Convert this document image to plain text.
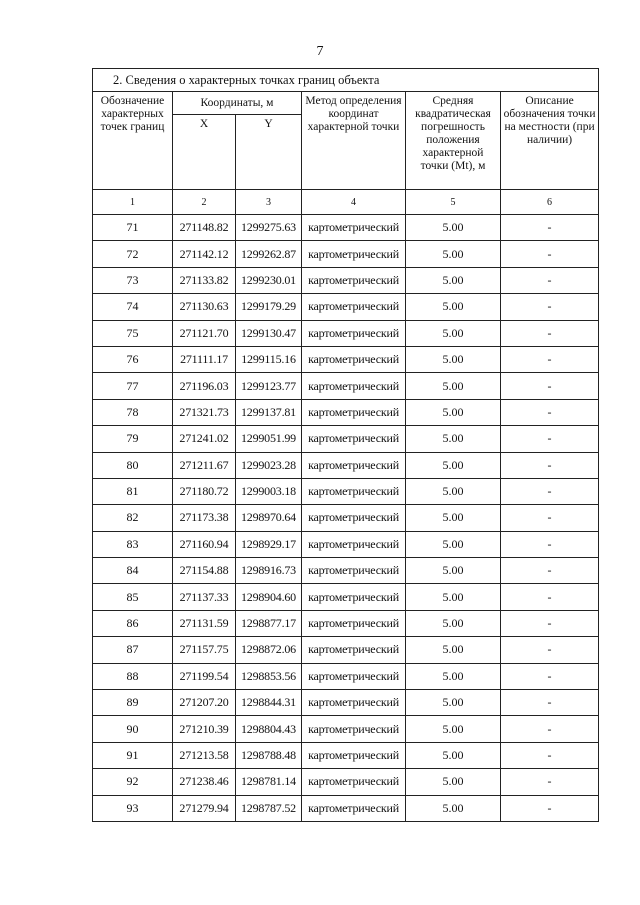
7
2. Сведения о характерных точках границ объекта					
Обозначение характерных точек границ	Координаты, м		Метод определения координат характерной точки	Средняя квадратическая погрешность положения характерной точки (Mt), м	Описание обозначения точки на местности (при наличии)
	X	Y			
1	2	3	4	5	6
71	271148.82	1299275.63	картометрический	5.00	-
72	271142.12	1299262.87	картометрический	5.00	-
73	271133.82	1299230.01	картометрический	5.00	-
74	271130.63	1299179.29	картометрический	5.00	-
75	271121.70	1299130.47	картометрический	5.00	-
76	271111.17	1299115.16	картометрический	5.00	-
77	271196.03	1299123.77	картометрический	5.00	-
78	271321.73	1299137.81	картометрический	5.00	-
79	271241.02	1299051.99	картометрический	5.00	-
80	271211.67	1299023.28	картометрический	5.00	-
81	271180.72	1299003.18	картометрический	5.00	-
82	271173.38	1298970.64	картометрический	5.00	-
83	271160.94	1298929.17	картометрический	5.00	-
84	271154.88	1298916.73	картометрический	5.00	-
85	271137.33	1298904.60	картометрический	5.00	-
86	271131.59	1298877.17	картометрический	5.00	-
87	271157.75	1298872.06	картометрический	5.00	-
88	271199.54	1298853.56	картометрический	5.00	-
89	271207.20	1298844.31	картометрический	5.00	-
90	271210.39	1298804.43	картометрический	5.00	-
91	271213.58	1298788.48	картометрический	5.00	-
92	271238.46	1298781.14	картометрический	5.00	-
93	271279.94	1298787.52	картометрический	5.00	-
